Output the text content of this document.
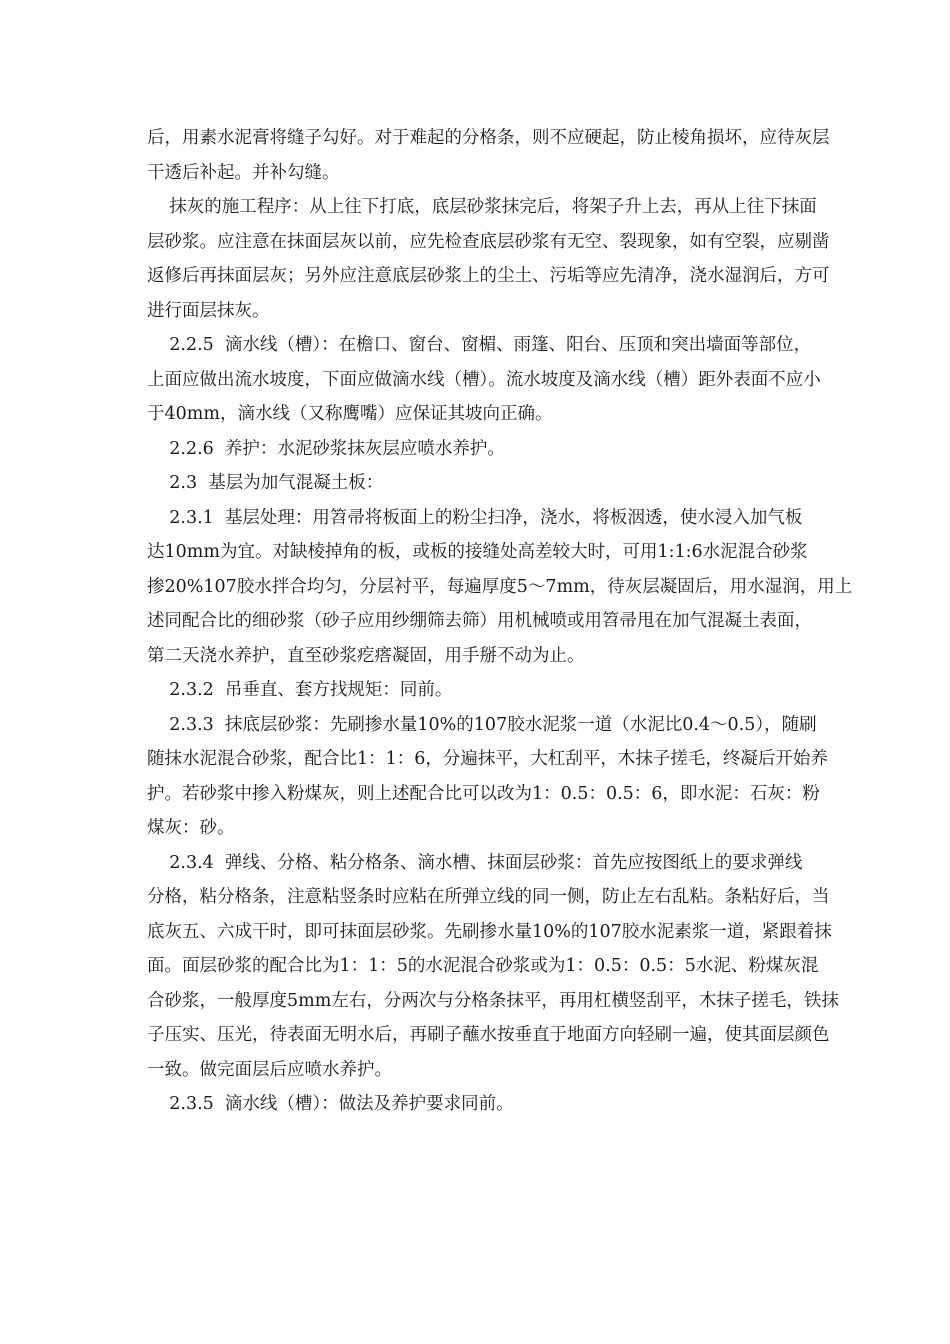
后，用素水泥膏将缝子勾好。对于难起的分格条，则不应硬起，防止棱角损坏，应待灰层
干透后补起。并补勾缝。
抹灰的施工程序：从上往下打底，底层砂浆抹完后，将架子升上去，再从上往下抹面
层砂浆。应注意在抹面层灰以前，应先检查底层砂浆有无空、裂现象，如有空裂，应剔凿
返修后再抹面层灰；另外应注意底层砂浆上的尘土、污垢等应先清净，浇水湿润后，方可
进行面层抹灰。
2.2.5  滴水线（槽）：在檐口、窗台、窗楣、雨篷、阳台、压顶和突出墙面等部位，
上面应做出流水坡度，下面应做滴水线（槽）。流水坡度及滴水线（槽）距外表面不应小
于40mm，滴水线（又称鹰嘴）应保证其坡向正确。
2.2.6  养护：水泥砂浆抹灰层应喷水养护。
2.3  基层为加气混凝土板：
2.3.1  基层处理：用笤帚将板面上的粉尘扫净，浇水，将板洇透，使水浸入加气板
达10mm为宜。对缺棱掉角的板，或板的接缝处高差较大时，可用1:1:6水泥混合砂浆
掺20%107胶水拌合均匀，分层衬平，每遍厚度5～7mm，待灰层凝固后，用水湿润，用上
述同配合比的细砂浆（砂子应用纱绷筛去筛）用机械喷或用笤帚甩在加气混凝土表面，
第二天浇水养护，直至砂浆疙瘩凝固，用手掰不动为止。
2.3.2  吊垂直、套方找规矩：同前。
2.3.3  抹底层砂浆：先刷掺水量10%的107胶水泥浆一道（水泥比0.4～0.5），随刷
随抹水泥混合砂浆，配合比1：1：6，分遍抹平，大杠刮平，木抹子搓毛，终凝后开始养
护。若砂浆中掺入粉煤灰，则上述配合比可以改为1：0.5：0.5：6，即水泥：石灰：粉
煤灰：砂。
2.3.4  弹线、分格、粘分格条、滴水槽、抹面层砂浆：首先应按图纸上的要求弹线
分格，粘分格条，注意粘竖条时应粘在所弹立线的同一侧，防止左右乱粘。条粘好后，当
底灰五、六成干时，即可抹面层砂浆。先刷掺水量10%的107胶水泥素浆一道，紧跟着抹
面。面层砂浆的配合比为1：1：5的水泥混合砂浆或为1：0.5：0.5：5水泥、粉煤灰混
合砂浆，一般厚度5mm左右，分两次与分格条抹平，再用杠横竖刮平，木抹子搓毛，铁抹
子压实、压光，待表面无明水后，再刷子蘸水按垂直于地面方向轻刷一遍，使其面层颜色
一致。做完面层后应喷水养护。
2.3.5  滴水线（槽）：做法及养护要求同前。
